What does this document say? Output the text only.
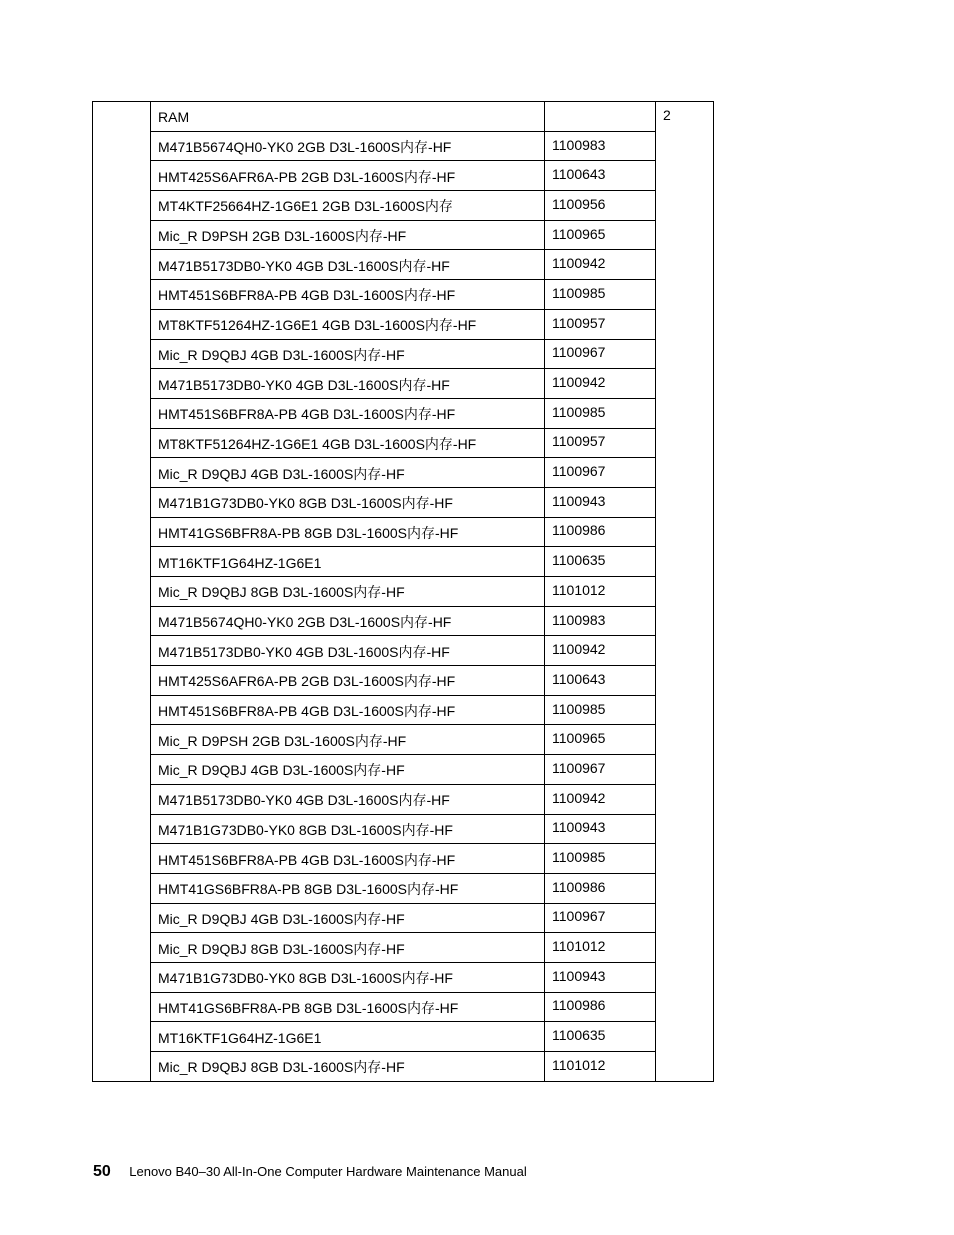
	RAM		2
	M471B5674QH0-YK0 2GB D3L-1600S内存-HF	1100983	
	HMT425S6AFR6A-PB 2GB D3L-1600S内存-HF	1100643	
	MT4KTF25664HZ-1G6E1 2GB D3L-1600S内存	1100956	
	Mic_R D9PSH 2GB D3L-1600S内存-HF	1100965	
	M471B5173DB0-YK0 4GB D3L-1600S内存-HF	1100942	
	HMT451S6BFR8A-PB 4GB D3L-1600S内存-HF	1100985	
	MT8KTF51264HZ-1G6E1 4GB D3L-1600S内存-HF	1100957	
	Mic_R D9QBJ 4GB D3L-1600S内存-HF	1100967	
	M471B5173DB0-YK0 4GB D3L-1600S内存-HF	1100942	
	HMT451S6BFR8A-PB 4GB D3L-1600S内存-HF	1100985	
	MT8KTF51264HZ-1G6E1 4GB D3L-1600S内存-HF	1100957	
	Mic_R D9QBJ 4GB D3L-1600S内存-HF	1100967	
	M471B1G73DB0-YK0 8GB D3L-1600S内存-HF	1100943	
	HMT41GS6BFR8A-PB 8GB D3L-1600S内存-HF	1100986	
	MT16KTF1G64HZ-1G6E1	1100635	
	Mic_R D9QBJ 8GB D3L-1600S内存-HF	1101012	
	M471B5674QH0-YK0 2GB D3L-1600S内存-HF	1100983	
	M471B5173DB0-YK0 4GB D3L-1600S内存-HF	1100942	
	HMT425S6AFR6A-PB 2GB D3L-1600S内存-HF	1100643	
	HMT451S6BFR8A-PB 4GB D3L-1600S内存-HF	1100985	
	Mic_R D9PSH 2GB D3L-1600S内存-HF	1100965	
	Mic_R D9QBJ 4GB D3L-1600S内存-HF	1100967	
	M471B5173DB0-YK0 4GB D3L-1600S内存-HF	1100942	
	M471B1G73DB0-YK0 8GB D3L-1600S内存-HF	1100943	
	HMT451S6BFR8A-PB 4GB D3L-1600S内存-HF	1100985	
	HMT41GS6BFR8A-PB 8GB D3L-1600S内存-HF	1100986	
	Mic_R D9QBJ 4GB D3L-1600S内存-HF	1100967	
	Mic_R D9QBJ 8GB D3L-1600S内存-HF	1101012	
	M471B1G73DB0-YK0 8GB D3L-1600S内存-HF	1100943	
	HMT41GS6BFR8A-PB 8GB D3L-1600S内存-HF	1100986	
	MT16KTF1G64HZ-1G6E1	1100635	
	Mic_R D9QBJ 8GB D3L-1600S内存-HF	1101012	
50 Lenovo B40–30 All-In-One Computer Hardware Maintenance Manual
